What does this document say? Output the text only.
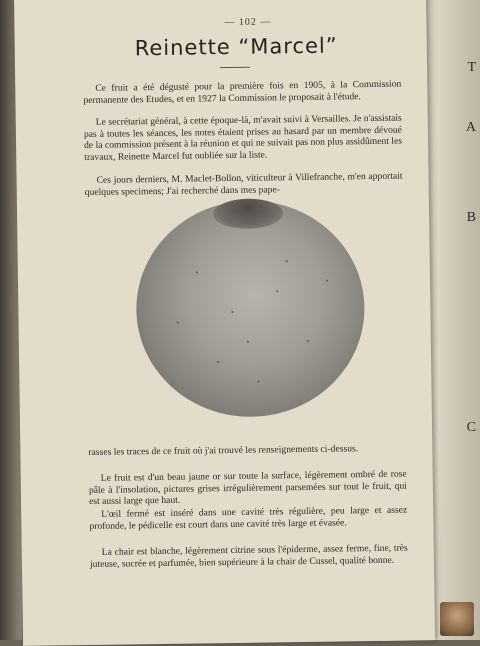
T
A
B
C
— 102 —
Reinette “Marcel”

Ce fruit a été dégusté pour la première fois en 1905, à la Commission permanente des Etudes, et en 1927 la Commission le proposait à l'étude.

Le secrétariat général, à cette époque-là, m'avait suivi à Versailles. Je n'assistais pas à toutes les séances, les notes étaient prises au hasard par un membre dévoué de la commission présent à la réunion et qui ne suivait pas non plus assidûment les travaux, Reinette Marcel fut oubliée sur la liste.

Ces jours derniers, M. Maclet-Bollon, viticulteur à Villefranche, m'en apportait quelques specimens; J'ai recherché dans mes pape-

rasses les traces de ce fruit où j'ai trouvé les renseignements ci-dessus.

Le fruit est d'un beau jaune or sur toute la surface, légèrement ombré de rose pâle à l'insolation, pictures grises irrégulièrement parsemées sur tout le fruit, qui est aussi large que haut.

L'œil fermé est inséré dans une cavité très régulière, peu large et assez profonde, le pédicelle est court dans une cavité très large et évasée.

La chair est blanche, légèrement citrine sous l'épiderme, assez ferme, fine, très juteuse, sucrée et parfumée, bien supérieure à la chair de Cussel, qualité bonne.
